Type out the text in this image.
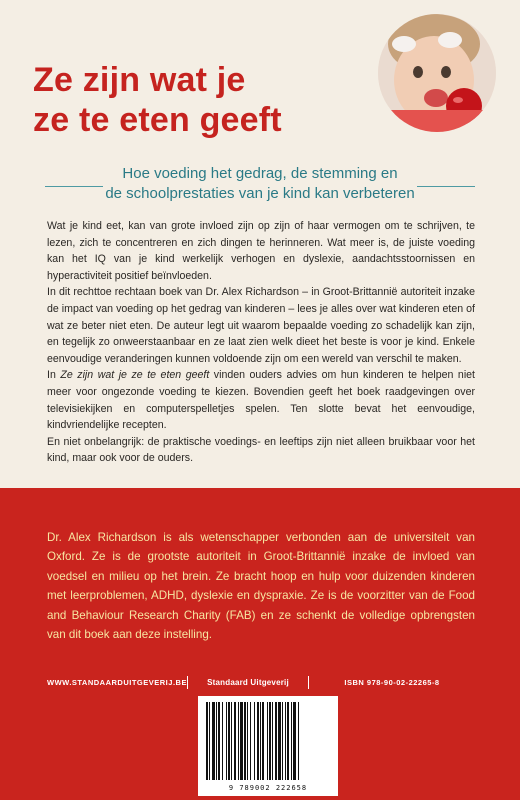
Ze zijn wat je
ze te eten geeft
Hoe voeding het gedrag, de stemming en
de schoolprestaties van je kind kan verbeteren

Wat je kind eet, kan van grote invloed zijn op zijn of haar vermogen om te schrijven, te lezen, zich te concentreren en zich dingen te herinneren. Wat meer is, de juiste voeding kan het IQ van je kind werkelijk verhogen en dyslexie, aandachtsstoornissen en hyperactiviteit positief beïnvloeden.

In dit rechttoe rechtaan boek van Dr. Alex Richardson – in Groot-Brittannië autoriteit inzake de impact van voeding op het gedrag van kinderen – lees je alles over wat kinderen eten of wat ze beter niet eten. De auteur legt uit waarom bepaalde voeding zo schadelijk kan zijn, en tegelijk zo onweerstaanbaar en ze laat zien welk dieet het beste is voor je kind. Enkele eenvoudige veranderingen kunnen voldoende zijn om een wereld van verschil te maken.

In Ze zijn wat je ze te eten geeft vinden ouders advies om hun kinderen te helpen niet meer voor ongezonde voeding te kiezen. Bovendien geeft het boek raadgevingen over televisiekijken en computerspelletjes spelen. Ten slotte bevat het eenvoudige, kindvriendelijke recepten.

En niet onbelangrijk: de praktische voedings- en leeftips zijn niet alleen bruikbaar voor het kind, maar ook voor de ouders.

Dr. Alex Richardson is als wetenschapper verbonden aan de universiteit van Oxford. Ze is de grootste autoriteit in Groot-Brittannië inzake de invloed van voedsel en milieu op het brein. Ze bracht hoop en hulp voor duizenden kinderen met leerproblemen, ADHD, dyslexie en dyspraxie. Ze is de voorzitter van de Food and Behaviour Research Charity (FAB) en ze schenkt de volledige opbrengsten van dit boek aan deze instelling.

WWW.STANDAARDUITGEVERIJ.BE	Standaard Uitgeverij	ISBN 978-90-02-22265-8
9 789002 222658
